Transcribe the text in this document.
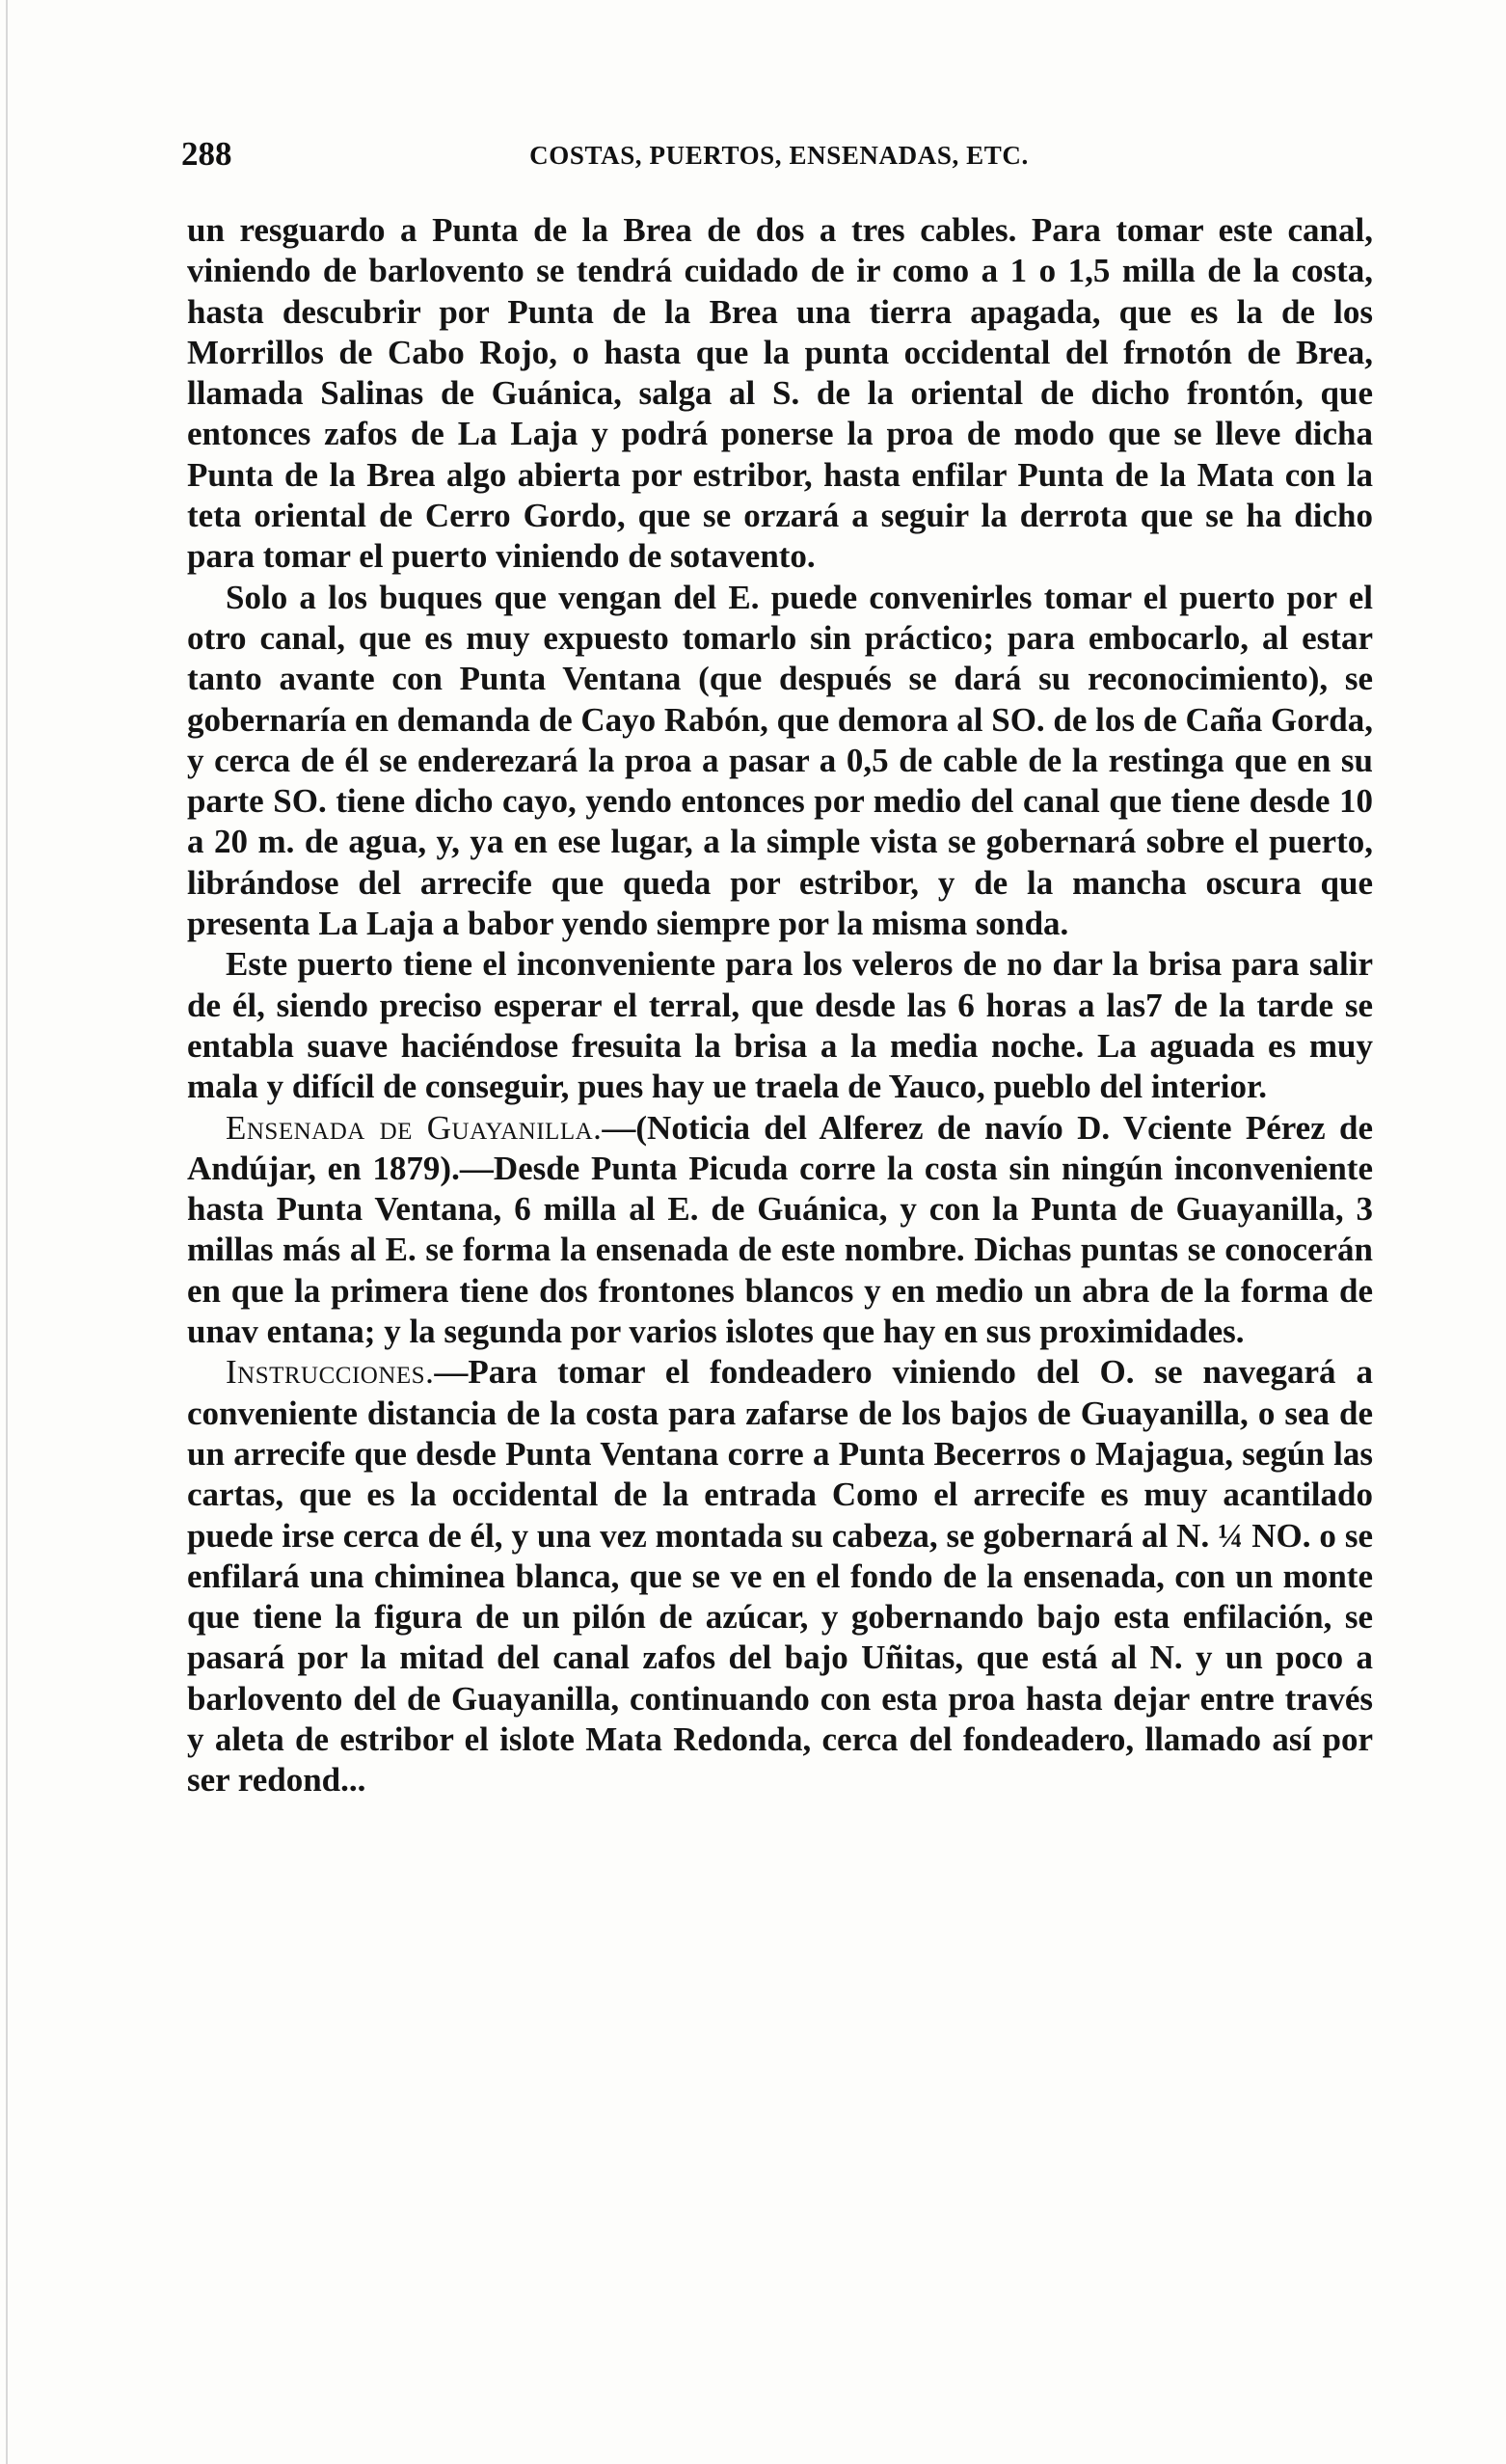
288	COSTAS, PUERTOS, ENSENADAS, ETC.

un resguardo a Punta de la Brea de dos a tres cables. Para tomar este canal, viniendo de barlovento se tendrá cuidado de ir como a 1 o 1,5 milla de la costa, hasta descubrir por Punta de la Brea una tierra apagada, que es la de los Morrillos de Cabo Rojo, o hasta que la punta occidental del frnotón de Brea, llamada Salinas de Guánica, salga al S. de la oriental de dicho frontón, que entonces zafos de La Laja y podrá ponerse la proa de modo que se lleve dicha Punta de la Brea algo abierta por estribor, hasta enfilar Punta de la Mata con la teta oriental de Cerro Gordo, que se orzará a seguir la derrota que se ha dicho para tomar el puerto viniendo de sotavento.

Solo a los buques que vengan del E. puede convenirles tomar el puerto por el otro canal, que es muy expuesto tomarlo sin práctico; para embocarlo, al estar tanto avante con Punta Ventana (que después se dará su reconocimiento), se gobernaría en demanda de Cayo Rabón, que demora al SO. de los de Caña Gorda, y cerca de él se enderezará la proa a pasar a 0,5 de cable de la restinga que en su parte SO. tiene dicho cayo, yendo entonces por medio del canal que tiene desde 10 a 20 m. de agua, y, ya en ese lugar, a la simple vista se gobernará sobre el puerto, librándose del arrecife que queda por estribor, y de la mancha oscura que presenta La Laja a babor yendo siempre por la misma sonda.

Este puerto tiene el inconveniente para los veleros de no dar la brisa para salir de él, siendo preciso esperar el terral, que desde las 6 horas a las7 de la tarde se entabla suave haciéndose fresuita la brisa a la media noche. La aguada es muy mala y difícil de conseguir, pues hay ue traela de Yauco, pueblo del interior.

Ensenada de Guayanilla.—(Noticia del Alferez de navío D. Vciente Pérez de Andújar, en 1879).—Desde Punta Picuda corre la costa sin ningún inconveniente hasta Punta Ventana, 6 milla al E. de Guánica, y con la Punta de Guayanilla, 3 millas más al E. se forma la ensenada de este nombre. Dichas puntas se conocerán en que la primera tiene dos frontones blancos y en medio un abra de la forma de unav entana; y la segunda por varios islotes que hay en sus proximidades.

Instrucciones.—Para tomar el fondeadero viniendo del O. se navegará a conveniente distancia de la costa para zafarse de los bajos de Guayanilla, o sea de un arrecife que desde Punta Ventana corre a Punta Becerros o Majagua, según las cartas, que es la occidental de la entrada Como el arrecife es muy acantilado puede irse cerca de él, y una vez montada su cabeza, se gobernará al N. ¼ NO. o se enfilará una chiminea blanca, que se ve en el fondo de la ensenada, con un monte que tiene la figura de un pilón de azúcar, y gobernando bajo esta enfilación, se pasará por la mitad del canal zafos del bajo Uñitas, que está al N. y un poco a barlovento del de Guayanilla, continuando con esta proa hasta dejar entre través y aleta de estribor el islote Mata Redonda, cerca del fondeadero, llamado así por ser redond...
